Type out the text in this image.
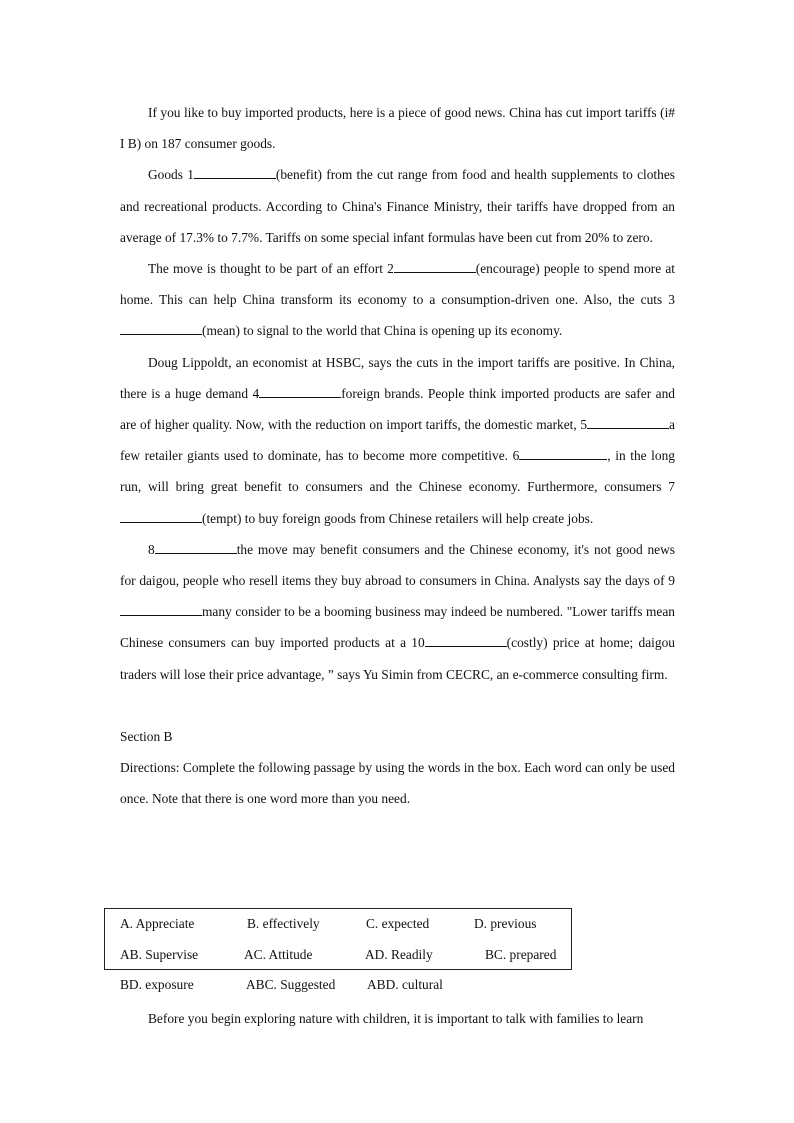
If you like to buy imported products, here is a piece of good news. China has cut import tariffs (i# I B) on 187 consumer goods.

Goods 1	(benefit) from the cut range from food and health supplements to clothes and recreational products. According to China's Finance Ministry, their tariffs have dropped from an average of 17.3% to 7.7%. Tariffs on some special infant formulas have been cut from 20% to zero.

The move is thought to be part of an effort 2	(encourage) people to spend more at home. This can help China transform its economy to a consumption-driven one. Also, the cuts 3(mean) to signal to the world that China is opening up its economy.

Doug Lippoldt, an economist at HSBC, says the cuts in the import tariffs are positive. In China, there is a huge demand 4	foreign brands. People think imported products are safer and are of higher quality. Now, with the reduction on import tariffs, the domestic market, 5	a few retailer giants used to dominate, has to become more competitive. 6	, in the long run, will bring great benefit to consumers and the Chinese economy. Furthermore, consumers 7(tempt) to buy foreign goods from Chinese retailers will help create jobs.

8	the move may benefit consumers and the Chinese economy, it's not good news for daigou, people who resell items they buy abroad to consumers in China. Analysts say the days of 9 many consider to be a booming business may indeed be numbered. "Lower tariffs mean Chinese consumers can buy imported products at a 10	(costly) price at home; daigou traders will lose their price advantage, ” says Yu Simin from CECRC, an e-commerce consulting firm.

Section B

Directions: Complete the following passage by using the words in the box. Each word can only be used once. Note that there is one word more than you need.

A. Appreciate	B. effectively	C. expected	D. previous
AB. Supervise	AC. Attitude	AD. Readily	BC. prepared
BD. exposure	ABC. Suggested ABD. cultural

Before you begin exploring nature with children, it is important to talk with families to learn
